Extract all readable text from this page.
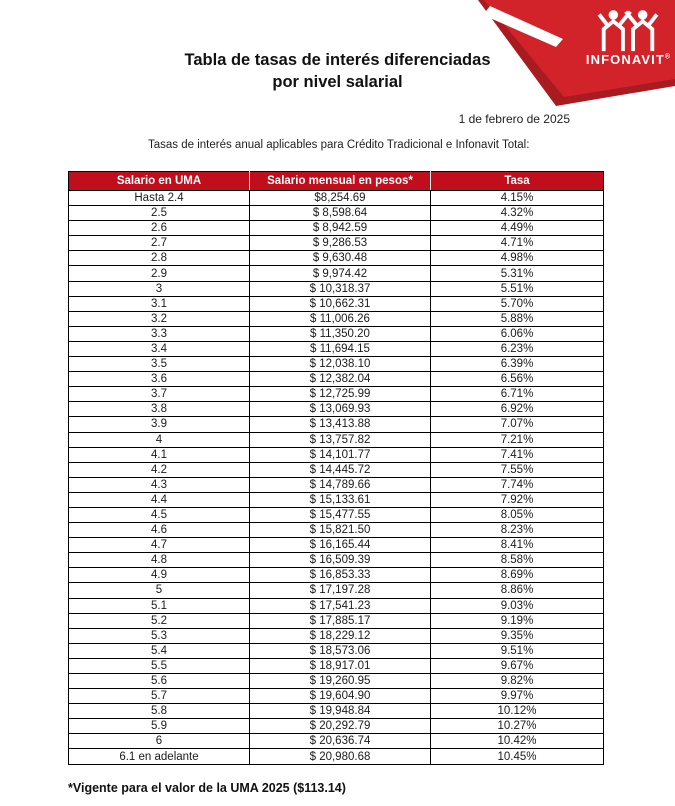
INFONAVIT®
Tabla de tasas de interés diferenciadas
por nivel salarial
1 de febrero de 2025
Tasas de interés anual aplicables para Crédito Tradicional e Infonavit Total:
Salario en UMA	Salario mensual en pesos*	Tasa
Hasta 2.4	$8,254.69	4.15%
2.5	$ 8,598.64	4.32%
2.6	$ 8,942.59	4.49%
2.7	$ 9,286.53	4.71%
2.8	$ 9,630.48	4.98%
2.9	$ 9,974.42	5.31%
3	$ 10,318.37	5.51%
3.1	$ 10,662.31	5.70%
3.2	$ 11,006.26	5.88%
3.3	$ 11,350.20	6.06%
3.4	$ 11,694.15	6.23%
3.5	$ 12,038.10	6.39%
3.6	$ 12,382.04	6.56%
3.7	$ 12,725.99	6.71%
3.8	$ 13,069.93	6.92%
3.9	$ 13,413.88	7.07%
4	$ 13,757.82	7.21%
4.1	$ 14,101.77	7.41%
4.2	$ 14,445.72	7.55%
4.3	$ 14,789.66	7.74%
4.4	$ 15,133.61	7.92%
4.5	$ 15,477.55	8.05%
4.6	$ 15,821.50	8.23%
4.7	$ 16,165.44	8.41%
4.8	$ 16,509.39	8.58%
4.9	$ 16,853.33	8.69%
5	$ 17,197.28	8.86%
5.1	$ 17,541.23	9.03%
5.2	$ 17,885.17	9.19%
5.3	$ 18,229.12	9.35%
5.4	$ 18,573.06	9.51%
5.5	$ 18,917.01	9.67%
5.6	$ 19,260.95	9.82%
5.7	$ 19,604.90	9.97%
5.8	$ 19,948.84	10.12%
5.9	$ 20,292.79	10.27%
6	$ 20,636.74	10.42%
6.1 en adelante	$ 20,980.68	10.45%
*Vigente para el valor de la UMA 2025 ($113.14)
